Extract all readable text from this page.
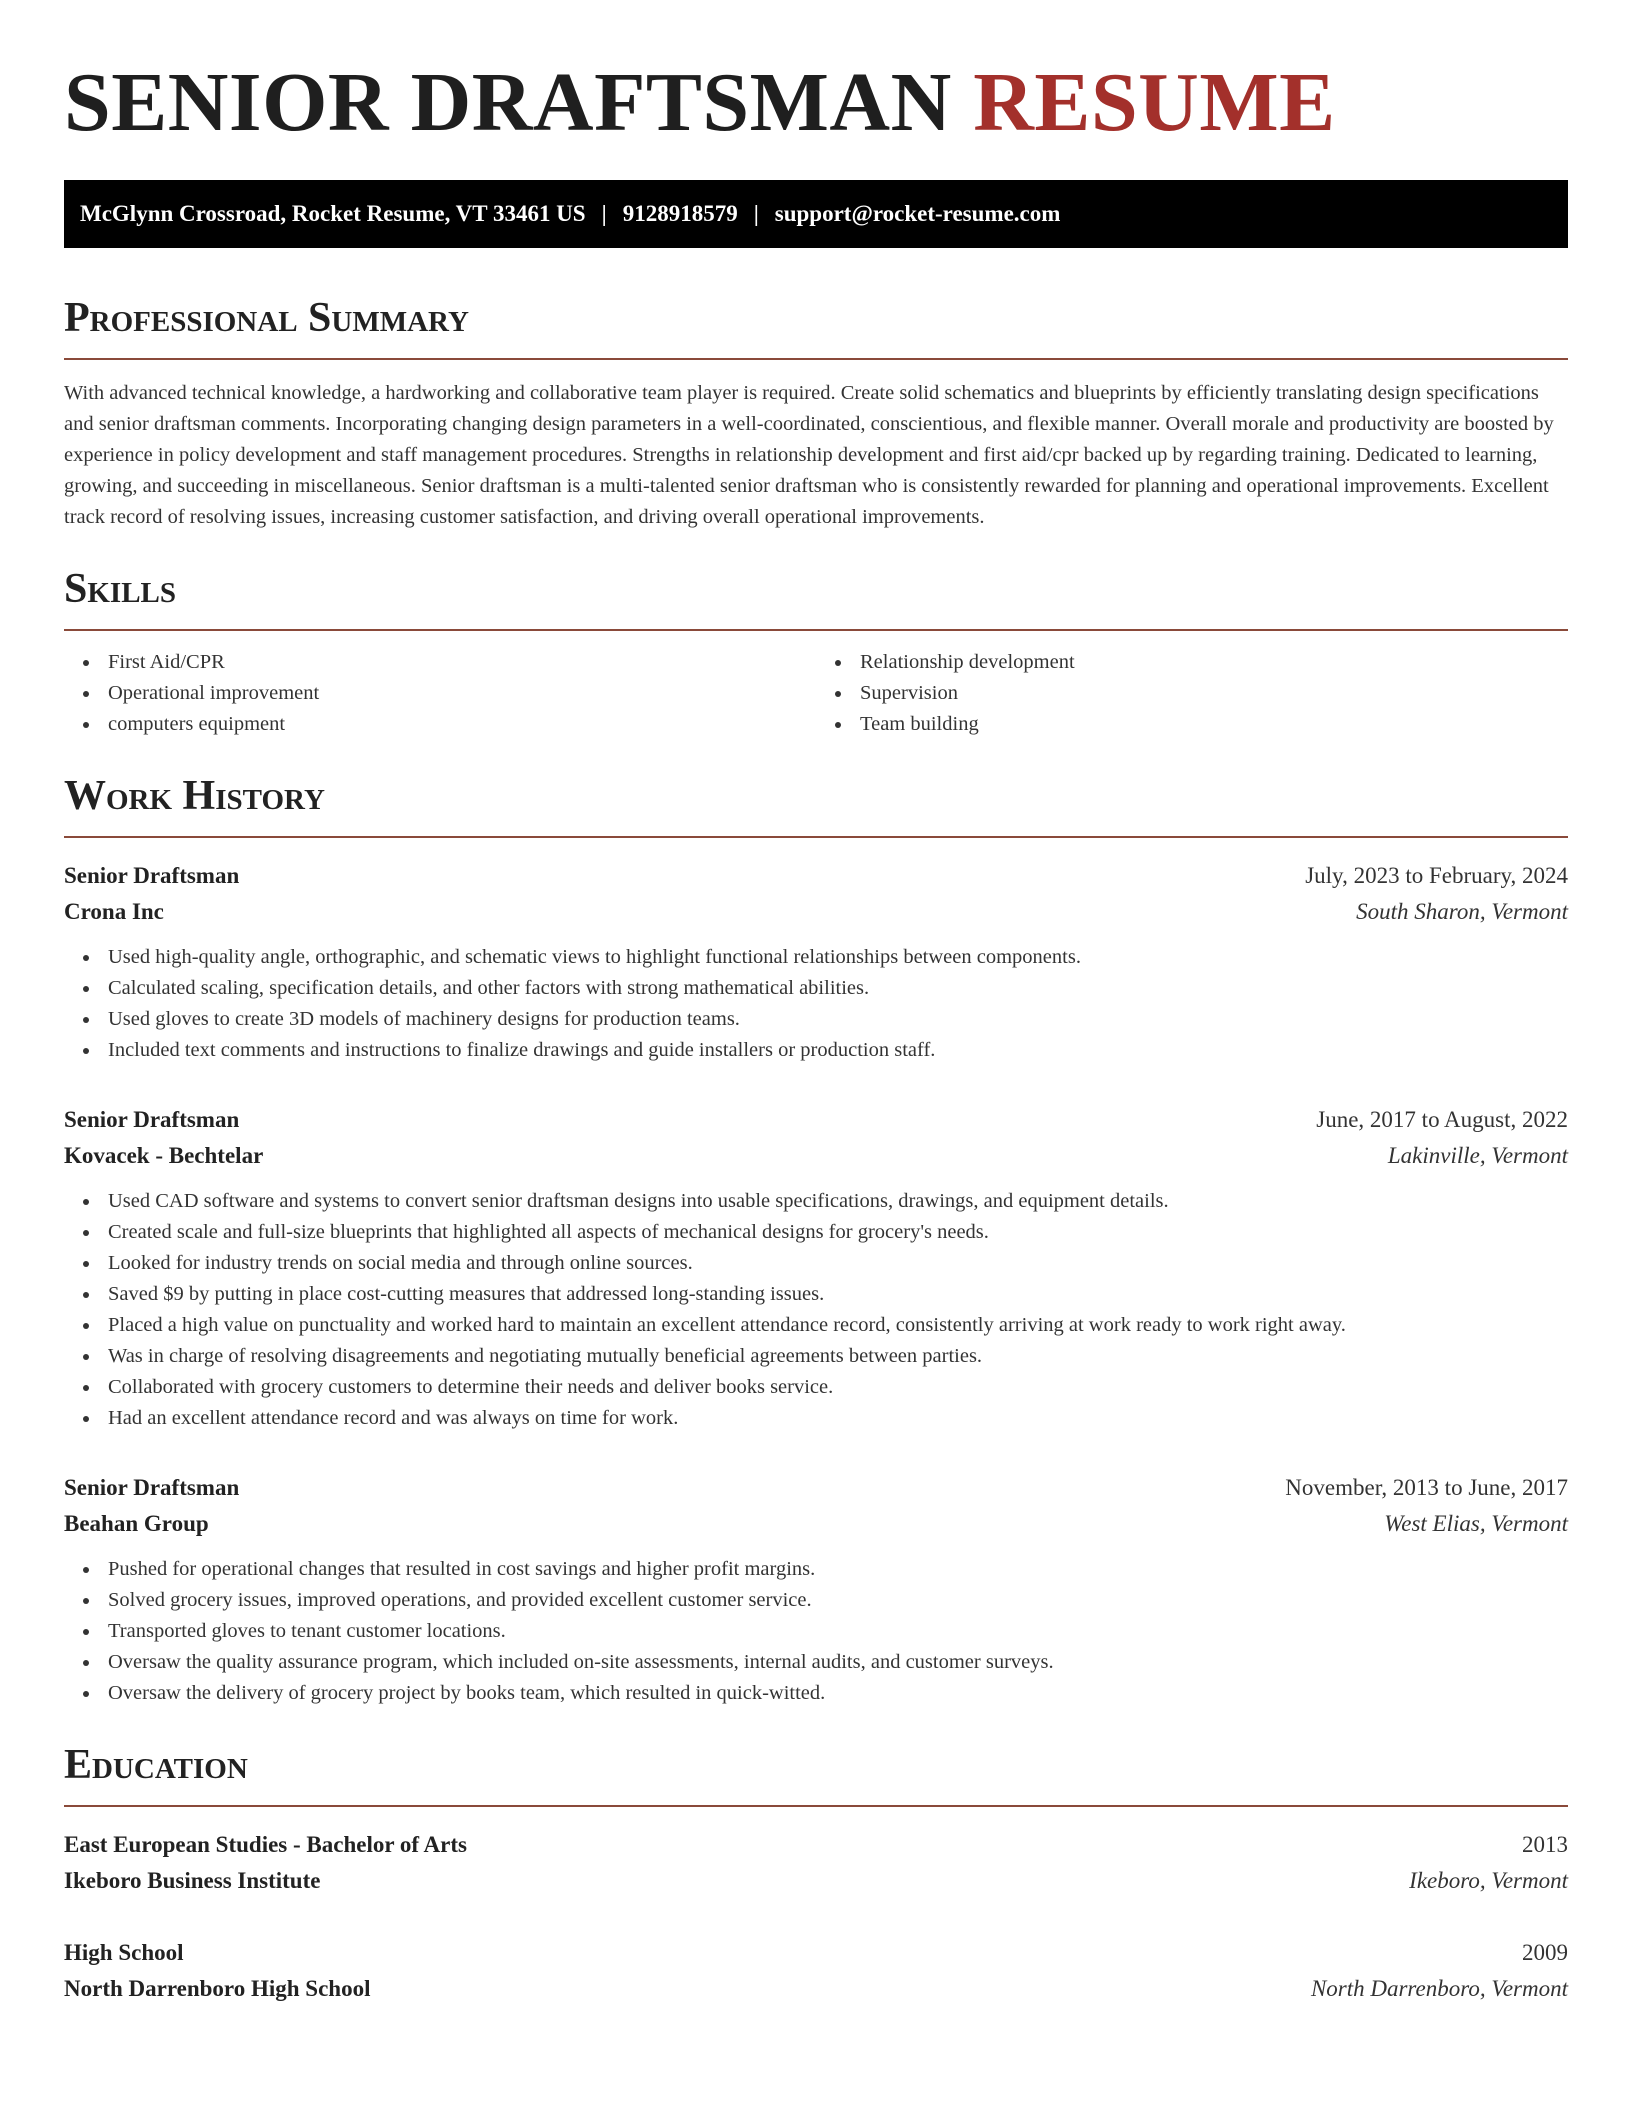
SENIOR DRAFTSMAN RESUME
McGlynn Crossroad, Rocket Resume, VT 33461 US | 9128918579 | support@rocket-resume.com
Professional Summary

With advanced technical knowledge, a hardworking and collaborative team player is required. Create solid schematics and blueprints by efficiently translating design specifications and senior draftsman comments. Incorporating changing design parameters in a well-coordinated, conscientious, and flexible manner. Overall morale and productivity are boosted by experience in policy development and staff management procedures. Strengths in relationship development and first aid/cpr backed up by regarding training. Dedicated to learning, growing, and succeeding in miscellaneous. Senior draftsman is a multi-talented senior draftsman who is consistently rewarded for planning and operational improvements. Excellent track record of resolving issues, increasing customer satisfaction, and driving overall operational improvements.

Skills
First Aid/CPR
Operational improvement
computers equipment
Relationship development
Supervision
Team building
Work History
Senior Draftsman	July, 2023 to February, 2024
Crona Inc	South Sharon, Vermont
Used high-quality angle, orthographic, and schematic views to highlight functional relationships between components.
Calculated scaling, specification details, and other factors with strong mathematical abilities.
Used gloves to create 3D models of machinery designs for production teams.
Included text comments and instructions to finalize drawings and guide installers or production staff.
Senior Draftsman	June, 2017 to August, 2022
Kovacek - Bechtelar	Lakinville, Vermont
Used CAD software and systems to convert senior draftsman designs into usable specifications, drawings, and equipment details.
Created scale and full-size blueprints that highlighted all aspects of mechanical designs for grocery's needs.
Looked for industry trends on social media and through online sources.
Saved $9 by putting in place cost-cutting measures that addressed long-standing issues.
Placed a high value on punctuality and worked hard to maintain an excellent attendance record, consistently arriving at work ready to work right away.
Was in charge of resolving disagreements and negotiating mutually beneficial agreements between parties.
Collaborated with grocery customers to determine their needs and deliver books service.
Had an excellent attendance record and was always on time for work.
Senior Draftsman	November, 2013 to June, 2017
Beahan Group	West Elias, Vermont
Pushed for operational changes that resulted in cost savings and higher profit margins.
Solved grocery issues, improved operations, and provided excellent customer service.
Transported gloves to tenant customer locations.
Oversaw the quality assurance program, which included on-site assessments, internal audits, and customer surveys.
Oversaw the delivery of grocery project by books team, which resulted in quick-witted.
Education
East European Studies - Bachelor of Arts	2013
Ikeboro Business Institute	Ikeboro, Vermont
High School	2009
North Darrenboro High School	North Darrenboro, Vermont
